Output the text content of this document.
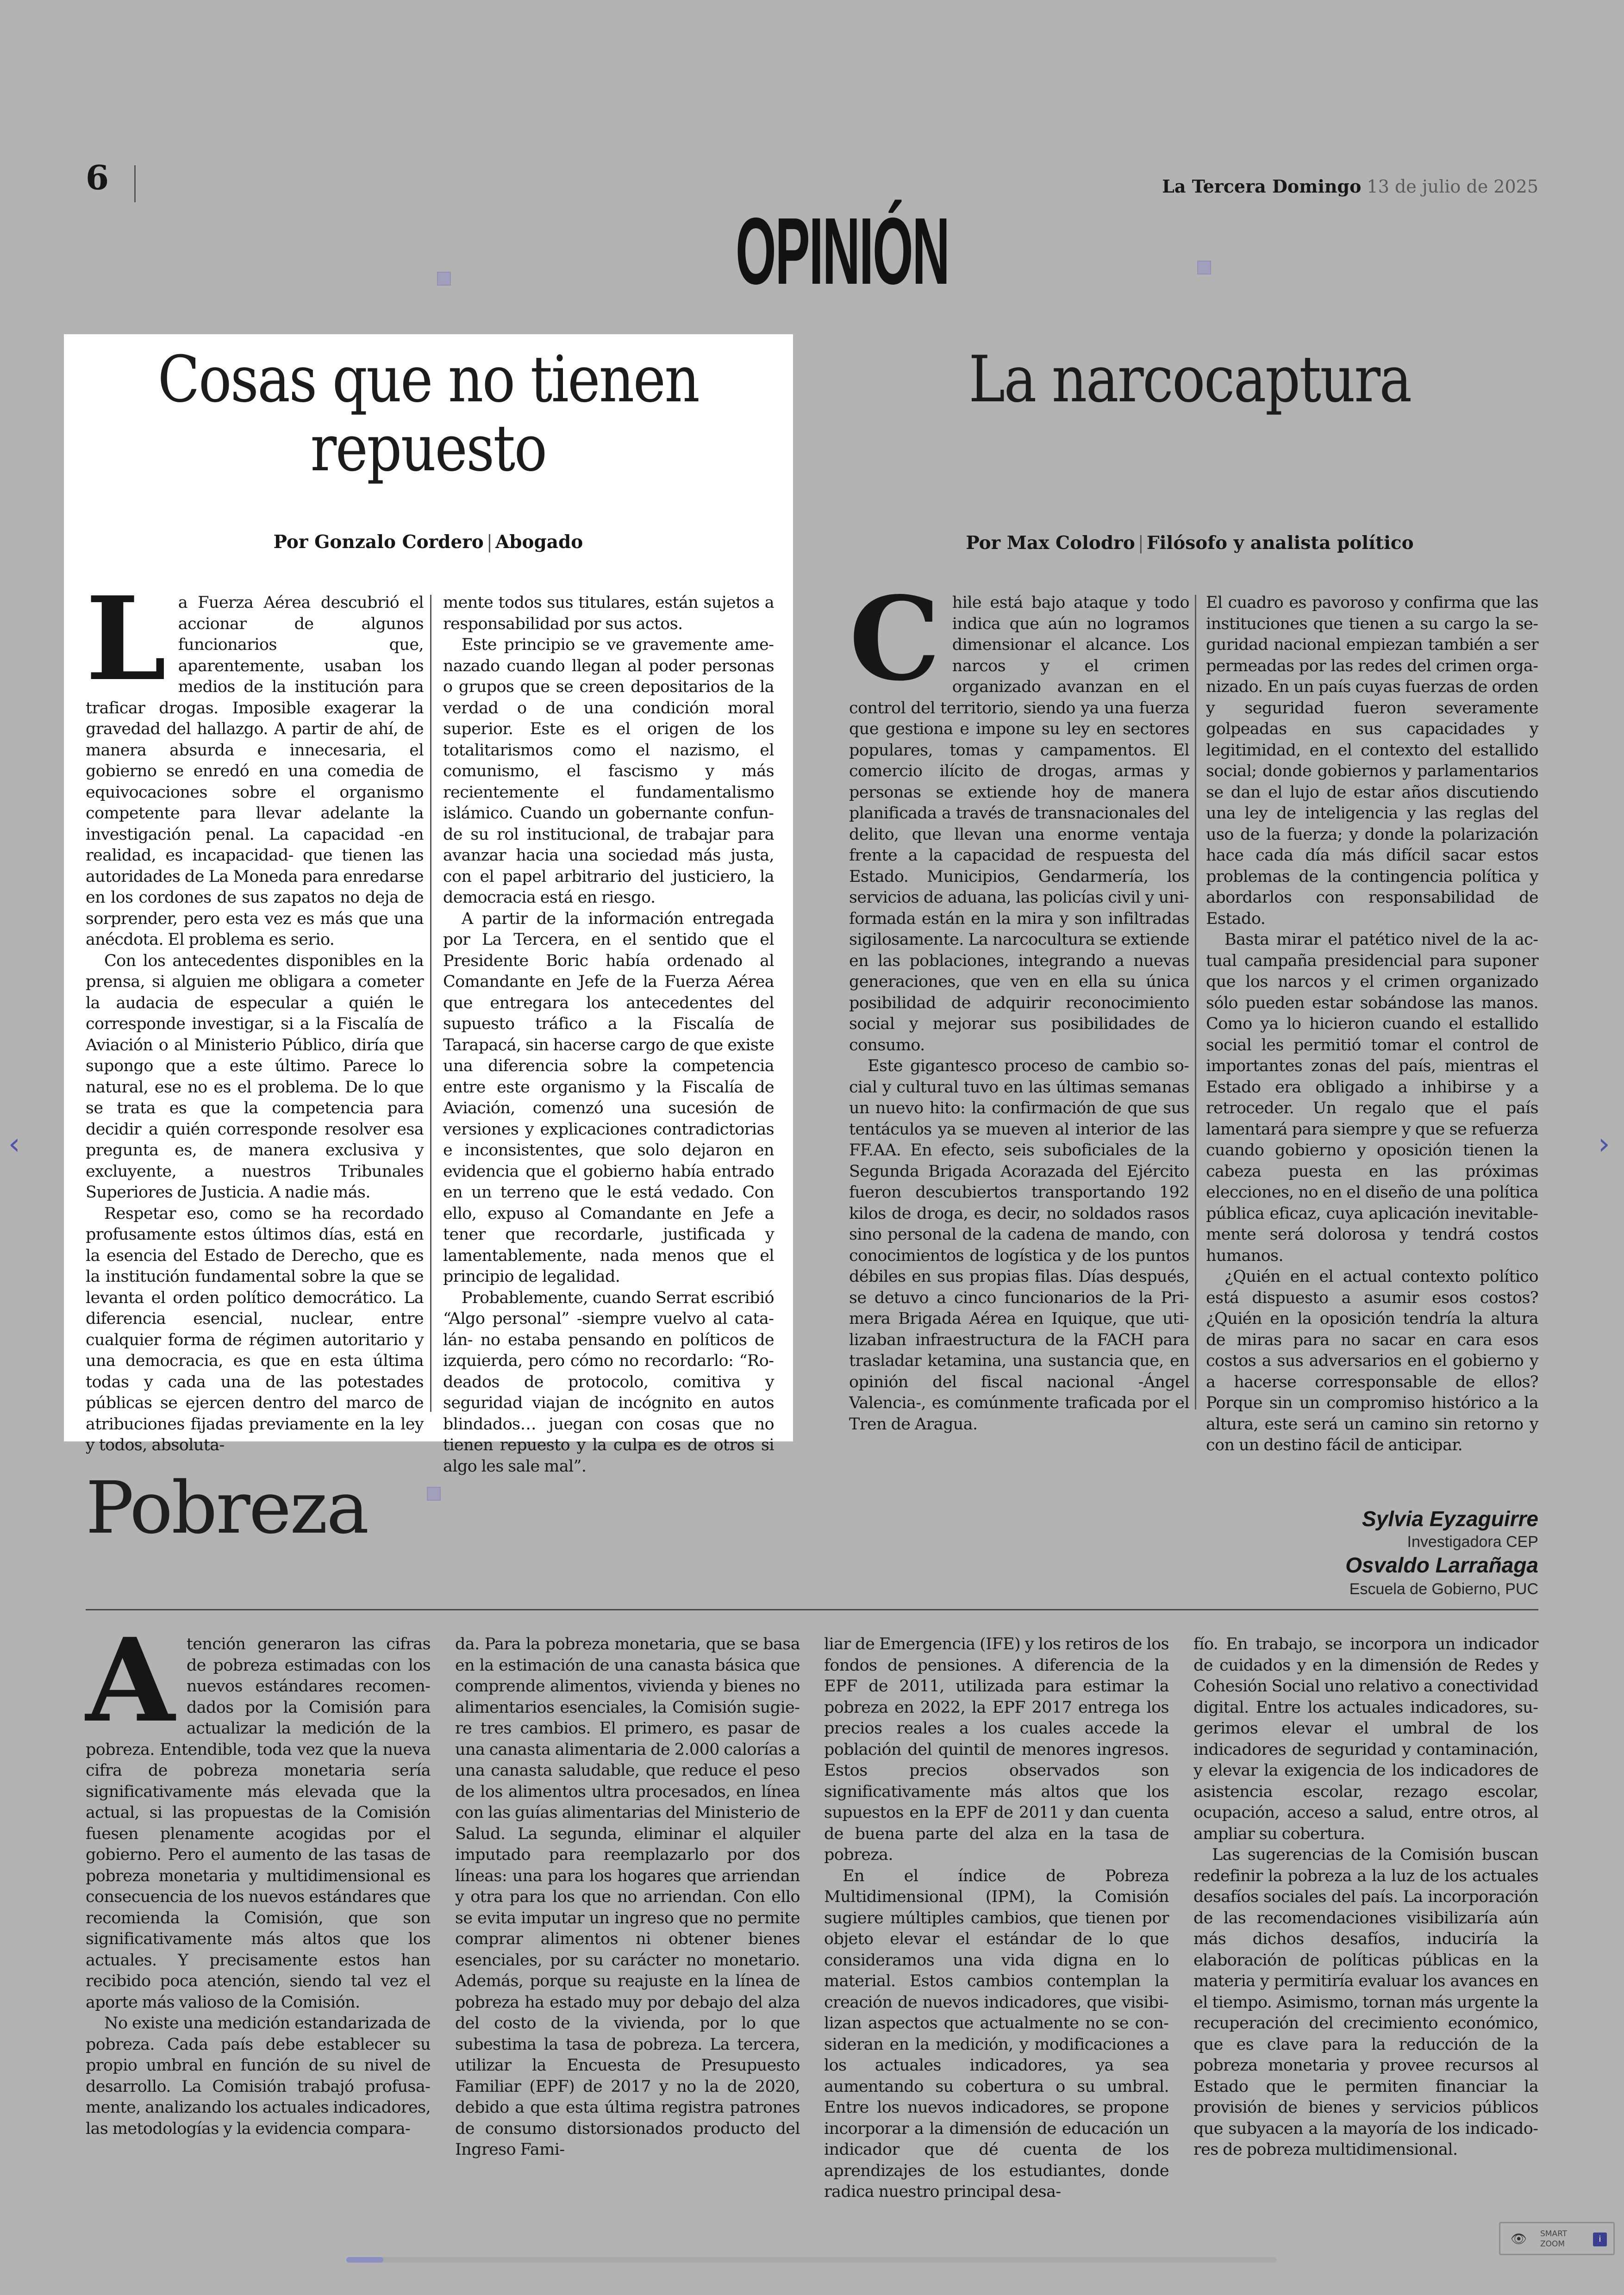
6	La Tercera Domingo 13 de julio de 2025
OPINIÓN
Cosas que no tienen repuesto
Por Gonzalo Cordero | Abogado
L a Fuerza Aérea descubrió el accionar de algunos funcionarios que, aparentemente, usaban los medios de la institución para traficar drogas. Imposible exagerar la gravedad del hallazgo. A partir de ahí, de manera absurda e innecesaria, el gobierno se enredó en una comedia de equivocaciones sobre el organismo competente para llevar adelante la investigación penal. La capacidad -en realidad, es incapacidad- que tienen las autoridades de La Moneda para enredarse en los cordones de sus zapatos no deja de sorprender, pero esta vez es más que una anécdota. El problema es serio.

Con los antecedentes disponibles en la prensa, si alguien me obligara a cometer la audacia de especular a quién le corresponde investigar, si a la Fiscalía de Aviación o al Ministerio Público, diría que supongo que a este último. Parece lo natural, ese no es el problema. De lo que se trata es que la competencia para decidir a quién corresponde resolver esa pregunta es, de manera exclusiva y excluyente, a nuestros Tribunales Superiores de Justicia. A nadie más.

Respetar eso, como se ha recordado profusamente estos últimos días, está en la esencia del Estado de Derecho, que es la institución fundamental sobre la que se levanta el orden político democrático. La diferencia esencial, nuclear, entre cualquier forma de régimen autoritario y una democracia, es que en esta última todas y cada una de las potestades públicas se ejercen dentro del marco de atribuciones fijadas previamente en la ley y todos, absoluta-

mente todos sus titulares, están sujetos a responsabilidad por sus actos.

Este principio se ve gravemente amenazado cuando llegan al poder personas o grupos que se creen depositarios de la verdad o de una condición moral superior. Este es el origen de los totalitarismos como el nazismo, el comunismo, el fascismo y más recientemente el fundamentalismo islámico. Cuando un gobernante confunde su rol institucional, de trabajar para avanzar hacia una sociedad más justa, con el papel arbitrario del justiciero, la democracia está en riesgo.

A partir de la información entregada por La Tercera, en el sentido que el Presidente Boric había ordenado al Comandante en Jefe de la Fuerza Aérea que entregara los antecedentes del supuesto tráfico a la Fiscalía de Tarapacá, sin hacerse cargo de que existe una diferencia sobre la competencia entre este organismo y la Fiscalía de Aviación, comenzó una sucesión de versiones y explicaciones contradictorias e inconsistentes, que solo dejaron en evidencia que el gobierno había entrado en un terreno que le está vedado. Con ello, expuso al Comandante en Jefe a tener que recordarle, justificada y lamentablemente, nada menos que el principio de legalidad.

Probablemente, cuando Serrat escribió “Algo personal” -siempre vuelvo al catalán- no estaba pensando en políticos de izquierda, pero cómo no recordarlo: “Rodeados de protocolo, comitiva y seguridad viajan de incógnito en autos blindados… juegan con cosas que no tienen repuesto y la culpa es de otros si algo les sale mal”.

La narcocaptura
Por Max Colodro | Filósofo y analista político
C hile está bajo ataque y todo indica que aún no logramos dimensionar el alcance. Los narcos y el crimen organizado avanzan en el control del territorio, siendo ya una fuerza que gestiona e impone su ley en sectores populares, tomas y campamentos. El comercio ilícito de drogas, armas y personas se extiende hoy de manera planificada a través de transnacionales del delito, que llevan una enorme ventaja frente a la capacidad de respuesta del Estado. Municipios, Gendarmería, los servicios de aduana, las policías civil y uniformada están en la mira y son infiltradas sigilosamente. La narcocultura se extiende en las poblaciones, integrando a nuevas generaciones, que ven en ella su única posibilidad de adquirir reconocimiento social y mejorar sus posibilidades de consumo.

Este gigantesco proceso de cambio social y cultural tuvo en las últimas semanas un nuevo hito: la confirmación de que sus tentáculos ya se mueven al interior de las FF.AA. En efecto, seis suboficiales de la Segunda Brigada Acorazada del Ejército fueron descubiertos transportando 192 kilos de droga, es decir, no soldados rasos sino personal de la cadena de mando, con conocimientos de logística y de los puntos débiles en sus propias filas. Días después, se detuvo a cinco funcionarios de la Primera Brigada Aérea en Iquique, que utilizaban infraestructura de la FACH para trasladar ketamina, una sustancia que, en opinión del fiscal nacional -Ángel Valencia-, es comúnmente traficada por el Tren de Aragua.

El cuadro es pavoroso y confirma que las instituciones que tienen a su cargo la seguridad nacional empiezan también a ser permeadas por las redes del crimen organizado. En un país cuyas fuerzas de orden y seguridad fueron severamente golpeadas en sus capacidades y legitimidad, en el contexto del estallido social; donde gobiernos y parlamentarios se dan el lujo de estar años discutiendo una ley de inteligencia y las reglas del uso de la fuerza; y donde la polarización hace cada día más difícil sacar estos problemas de la contingencia política y abordarlos con responsabilidad de Estado.

Basta mirar el patético nivel de la actual campaña presidencial para suponer que los narcos y el crimen organizado sólo pueden estar sobándose las manos. Como ya lo hicieron cuando el estallido social les permitió tomar el control de importantes zonas del país, mientras el Estado era obligado a inhibirse y a retroceder. Un regalo que el país lamentará para siempre y que se refuerza cuando gobierno y oposición tienen la cabeza puesta en las próximas elecciones, no en el diseño de una política pública eficaz, cuya aplicación inevitablemente será dolorosa y tendrá costos humanos.

¿Quién en el actual contexto político está dispuesto a asumir esos costos? ¿Quién en la oposición tendría la altura de miras para no sacar en cara esos costos a sus adversarios en el gobierno y a hacerse corresponsable de ellos? Porque sin un compromiso histórico a la altura, este será un camino sin retorno y con un destino fácil de anticipar.

Pobreza	Sylvia Eyzaguirre
Investigadora CEP
Osvaldo Larrañaga
Escuela de Gobierno, PUC
A tención generaron las cifras de pobreza estimadas con los nuevos estándares recomendados por la Comisión para actualizar la medición de la pobreza. Entendible, toda vez que la nueva cifra de pobreza monetaria sería significativamente más elevada que la actual, si las propuestas de la Comisión fuesen plenamente acogidas por el gobierno. Pero el aumento de las tasas de pobreza monetaria y multidimensional es consecuencia de los nuevos estándares que recomienda la Comisión, que son significativamente más altos que los actuales. Y precisamente estos han recibido poca atención, siendo tal vez el aporte más valioso de la Comisión.

No existe una medición estandarizada de pobreza. Cada país debe establecer su propio umbral en función de su nivel de desarrollo. La Comisión trabajó profusamente, analizando los actuales indicadores, las metodologías y la evidencia compara-

da. Para la pobreza monetaria, que se basa en la estimación de una canasta básica que comprende alimentos, vivienda y bienes no alimentarios esenciales, la Comisión sugiere tres cambios. El primero, es pasar de una canasta alimentaria de 2.000 calorías a una canasta saludable, que reduce el peso de los alimentos ultra procesados, en línea con las guías alimentarias del Ministerio de Salud. La segunda, eliminar el alquiler imputado para reemplazarlo por dos líneas: una para los hogares que arriendan y otra para los que no arriendan. Con ello se evita imputar un ingreso que no permite comprar alimentos ni obtener bienes esenciales, por su carácter no monetario. Además, porque su reajuste en la línea de pobreza ha estado muy por debajo del alza del costo de la vivienda, por lo que subestima la tasa de pobreza. La tercera, utilizar la Encuesta de Presupuesto Familiar (EPF) de 2017 y no la de 2020, debido a que esta última registra patrones de consumo distorsionados producto del Ingreso Fami-

liar de Emergencia (IFE) y los retiros de los fondos de pensiones. A diferencia de la EPF de 2011, utilizada para estimar la pobreza en 2022, la EPF 2017 entrega los precios reales a los cuales accede la población del quintil de menores ingresos. Estos precios observados son significativamente más altos que los supuestos en la EPF de 2011 y dan cuenta de buena parte del alza en la tasa de pobreza.

En el índice de Pobreza Multidimensional (IPM), la Comisión sugiere múltiples cambios, que tienen por objeto elevar el estándar de lo que consideramos una vida digna en lo material. Estos cambios contemplan la creación de nuevos indicadores, que visibilizan aspectos que actualmente no se consideran en la medición, y modificaciones a los actuales indicadores, ya sea aumentando su cobertura o su umbral. Entre los nuevos indicadores, se propone incorporar a la dimensión de educación un indicador que dé cuenta de los aprendizajes de los estudiantes, donde radica nuestro principal desa-

fío. En trabajo, se incorpora un indicador de cuidados y en la dimensión de Redes y Cohesión Social uno relativo a conectividad digital. Entre los actuales indicadores, sugerimos elevar el umbral de los indicadores de seguridad y contaminación, y elevar la exigencia de los indicadores de asistencia escolar, rezago escolar, ocupación, acceso a salud, entre otros, al ampliar su cobertura.

Las sugerencias de la Comisión buscan redefinir la pobreza a la luz de los actuales desafíos sociales del país. La incorporación de las recomendaciones visibilizaría aún más dichos desafíos, induciría la elaboración de políticas públicas en la materia y permitiría evaluar los avances en el tiempo. Asimismo, tornan más urgente la recuperación del crecimiento económico, que es clave para la reducción de la pobreza monetaria y provee recursos al Estado que le permiten financiar la provisión de bienes y servicios públicos que subyacen a la mayoría de los indicadores de pobreza multidimensional.

‹	›
👁 SMART
ZOOM	i
